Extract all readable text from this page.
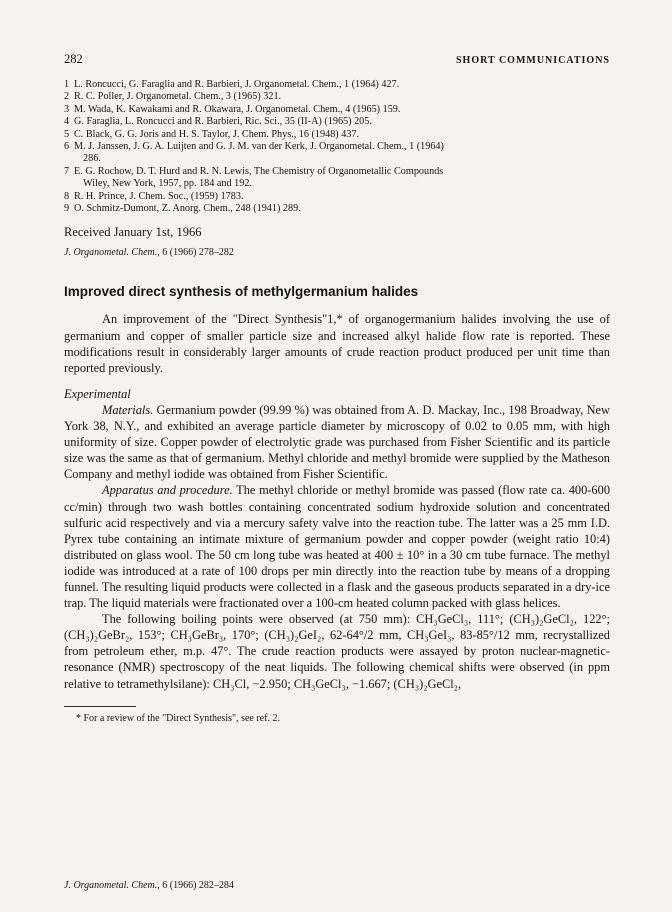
282	SHORT COMMUNICATIONS
1 L. Roncucci, G. Faraglia and R. Barbieri, J. Organometal. Chem., 1 (1964) 427.
2 R. C. Poller, J. Organometal. Chem., 3 (1965) 321.
3 M. Wada, K. Kawakami and R. Okawara, J. Organometal. Chem., 4 (1965) 159.
4 G. Faraglia, L. Roncucci and R. Barbieri, Ric. Sci., 35 (II-A) (1965) 205.
5 C. Black, G. G. Joris and H. S. Taylor, J. Chem. Phys., 16 (1948) 437.
6 M. J. Janssen, J. G. A. Luijten and G. J. M. van der Kerk, J. Organometal. Chem., 1 (1964)
286.
7 E. G. Rochow, D. T. Hurd and R. N. Lewis, The Chemistry of Organometallic Compounds
Wiley, New York, 1957, pp. 184 and 192.
8 R. H. Prince, J. Chem. Soc., (1959) 1783.
9 O. Schmitz-Dumont, Z. Anorg. Chem., 248 (1941) 289.
Received January 1st, 1966
J. Organometal. Chem., 6 (1966) 278–282
Improved direct synthesis of methylgermanium halides

An improvement of the "Direct Synthesis"1,* of organogermanium halides involving the use of germanium and copper of smaller particle size and increased alkyl halide flow rate is reported. These modifications result in considerably larger amounts of crude reaction product produced per unit time than reported previously.

Experimental

Materials. Germanium powder (99.99 %) was obtained from A. D. Mackay, Inc., 198 Broadway, New York 38, N.Y., and exhibited an average particle diameter by microscopy of 0.02 to 0.05 mm, with high uniformity of size. Copper powder of electrolytic grade was purchased from Fisher Scientific and its particle size was the same as that of germanium. Methyl chloride and methyl bromide were supplied by the Matheson Company and methyl iodide was obtained from Fisher Scientific.

Apparatus and procedure. The methyl chloride or methyl bromide was passed (flow rate ca. 400-600 cc/min) through two wash bottles containing concentrated sodium hydroxide solution and concentrated sulfuric acid respectively and via a mercury safety valve into the reaction tube. The latter was a 25 mm I.D. Pyrex tube containing an intimate mixture of germanium powder and copper powder (weight ratio 10:4) distributed on glass wool. The 50 cm long tube was heated at 400 ± 10° in a 30 cm tube furnace. The methyl iodide was introduced at a rate of 100 drops per min directly into the reaction tube by means of a dropping funnel. The resulting liquid products were collected in a flask and the gaseous products separated in a dry-ice trap. The liquid materials were fractionated over a 100-cm heated column packed with glass helices.

The following boiling points were observed (at 750 mm): CH₃GeCl₃, 111°; (CH₃)₂GeCl₂, 122°; (CH₃)₂GeBr₂, 153°; CH₃GeBr₃, 170°; (CH₃)₂GeI₂, 62-64°/2 mm, CH₃GeI₃, 83-85°/12 mm, recrystallized from petroleum ether, m.p. 47°. The crude reaction products were assayed by proton nuclear-magnetic-resonance (NMR) spectroscopy of the neat liquids. The following chemical shifts were observed (in ppm relative to tetramethylsilane): CH₃Cl, −2.950; CH₃GeCl₃, −1.667; (CH₃)₂GeCl₂,

* For a review of the "Direct Synthesis", see ref. 2.
J. Organometal. Chem., 6 (1966) 282–284
